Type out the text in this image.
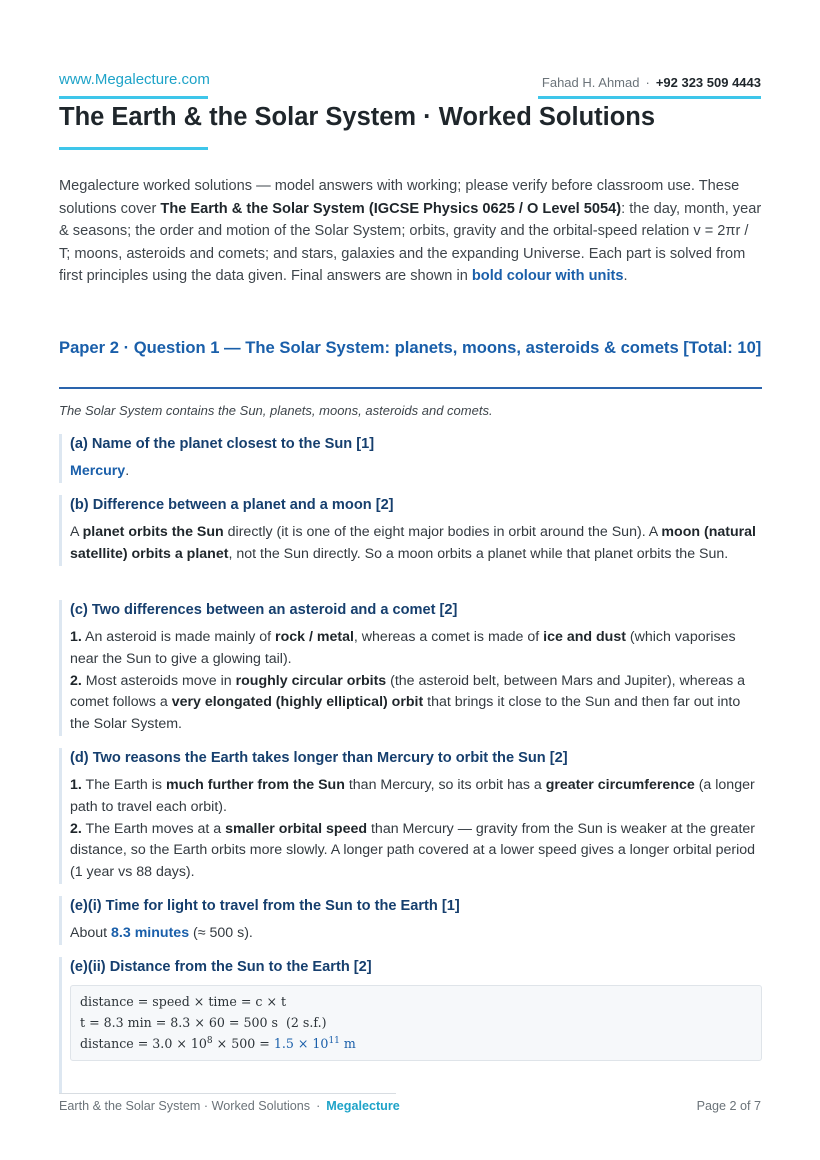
www.Megalecture.com	Fahad H. Ahmad · +92 323 509 4443
The Earth & the Solar System · Worked Solutions

Megalecture worked solutions — model answers with working; please verify before classroom use. These solutions cover The Earth & the Solar System (IGCSE Physics 0625 / O Level 5054): the day, month, year & seasons; the order and motion of the Solar System; orbits, gravity and the orbital-speed relation v = 2πr / T; moons, asteroids and comets; and stars, galaxies and the expanding Universe. Each part is solved from first principles using the data given. Final answers are shown in bold colour with units.

Paper 2 · Question 1 — The Solar System: planets, moons, asteroids & comets [Total: 10]

The Solar System contains the Sun, planets, moons, asteroids and comets.

(a) Name of the planet closest to the Sun [1]

Mercury.

(b) Difference between a planet and a moon [2]

A planet orbits the Sun directly (it is one of the eight major bodies in orbit around the Sun). A moon (natural satellite) orbits a planet, not the Sun directly. So a moon orbits a planet while that planet orbits the Sun.

(c) Two differences between an asteroid and a comet [2]

1. An asteroid is made mainly of rock / metal, whereas a comet is made of ice and dust (which vaporises near the Sun to give a glowing tail).

2. Most asteroids move in roughly circular orbits (the asteroid belt, between Mars and Jupiter), whereas a comet follows a very elongated (highly elliptical) orbit that brings it close to the Sun and then far out into the Solar System.

(d) Two reasons the Earth takes longer than Mercury to orbit the Sun [2]

1. The Earth is much further from the Sun than Mercury, so its orbit has a greater circumference (a longer path to travel each orbit).

2. The Earth moves at a smaller orbital speed than Mercury — gravity from the Sun is weaker at the greater distance, so the Earth orbits more slowly. A longer path covered at a lower speed gives a longer orbital period (1 year vs 88 days).

(e)(i) Time for light to travel from the Sun to the Earth [1]

About 8.3 minutes (≈ 500 s).

(e)(ii) Distance from the Sun to the Earth [2]
distance = speed × time = c × t
t = 8.3 min = 8.3 × 60 = 500 s  (2 s.f.)
distance = $3.0 \times 10^8 \times 500 = 1.5 \times 10^{11}$ m
Earth & the Solar System · Worked Solutions · Megalecture	Page 2 of 7
